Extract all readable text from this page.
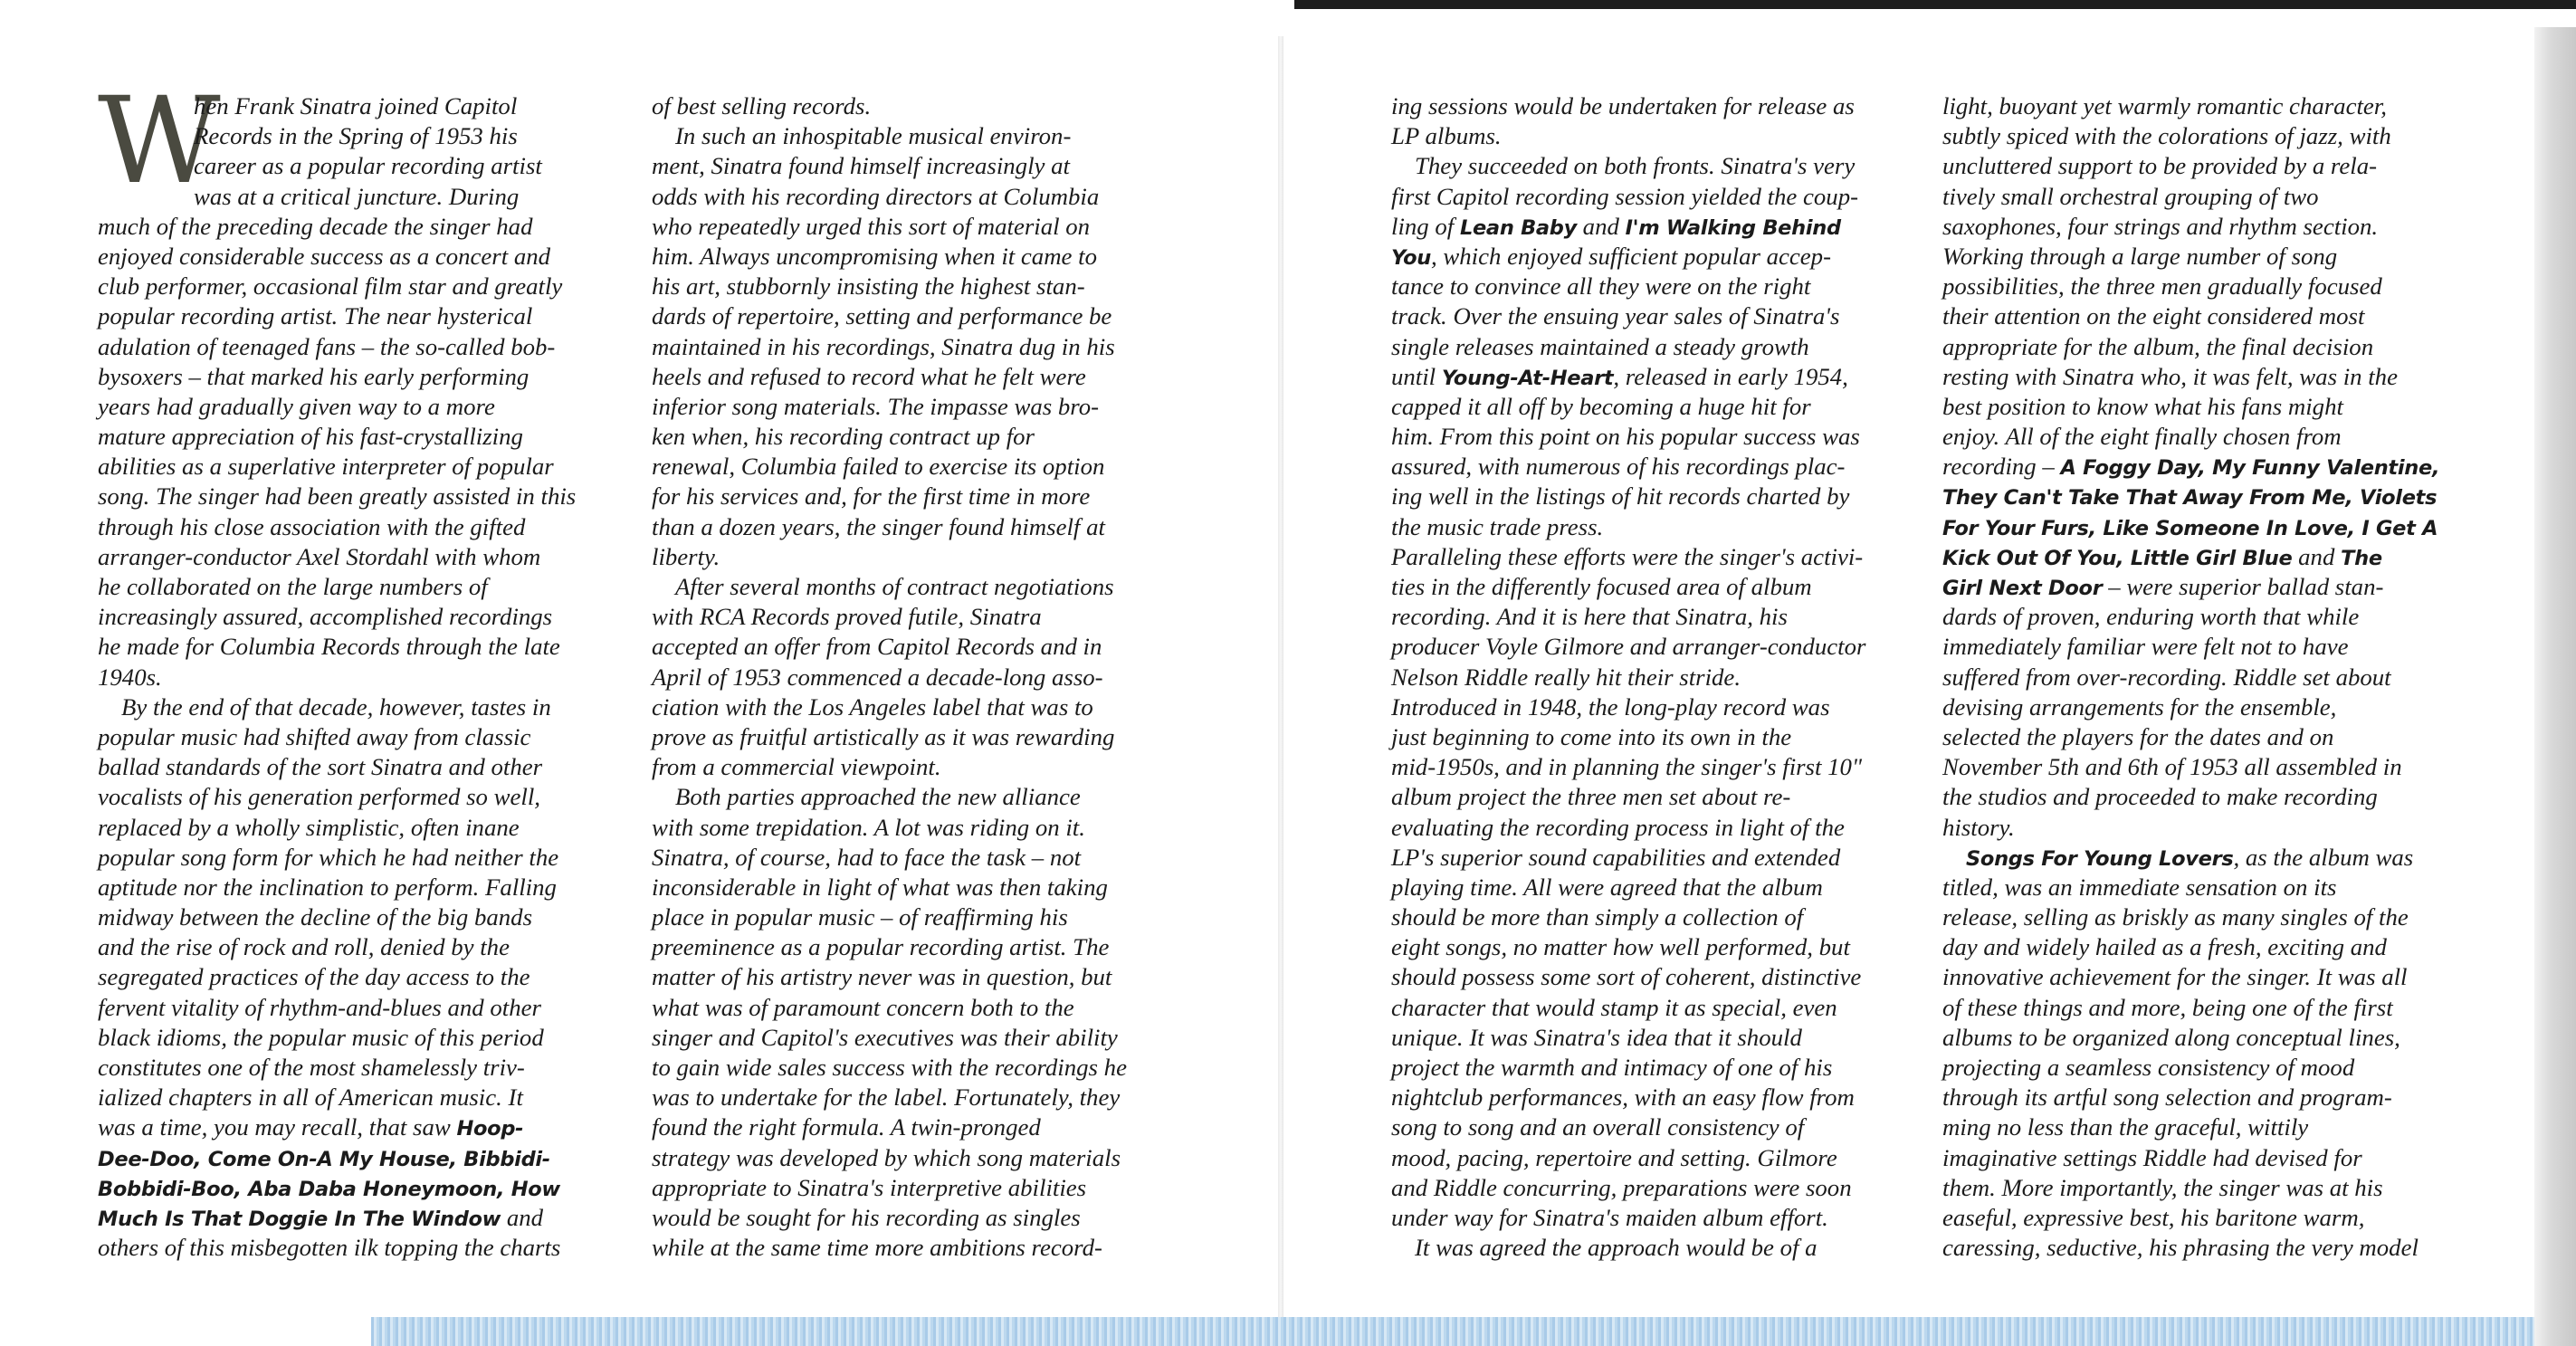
W
hen Frank Sinatra joined Capitol
Records in the Spring of 1953 his
career as a popular recording artist
was at a critical juncture. During
much of the preceding decade the singer had
enjoyed considerable success as a concert and
club performer, occasional film star and greatly
popular recording artist. The near hysterical
adulation of teenaged fans – the so-called bob-
bysoxers – that marked his early performing
years had gradually given way to a more
mature appreciation of his fast-crystallizing
abilities as a superlative interpreter of popular
song. The singer had been greatly assisted in this
through his close association with the gifted
arranger-conductor Axel Stordahl with whom
he collaborated on the large numbers of
increasingly assured, accomplished recordings
he made for Columbia Records through the late
1940s.
By the end of that decade, however, tastes in
popular music had shifted away from classic
ballad standards of the sort Sinatra and other
vocalists of his generation performed so well,
replaced by a wholly simplistic, often inane
popular song form for which he had neither the
aptitude nor the inclination to perform. Falling
midway between the decline of the big bands
and the rise of rock and roll, denied by the
segregated practices of the day access to the
fervent vitality of rhythm-and-blues and other
black idioms, the popular music of this period
constitutes one of the most shamelessly triv-
ialized chapters in all of American music. It
was a time, you may recall, that saw Hoop-
Dee-Doo, Come On-A My House, Bibbidi-
Bobbidi-Boo, Aba Daba Honeymoon, How
Much Is That Doggie In The Window and
others of this misbegotten ilk topping the charts
of best selling records.
In such an inhospitable musical environ-
ment, Sinatra found himself increasingly at
odds with his recording directors at Columbia
who repeatedly urged this sort of material on
him. Always uncompromising when it came to
his art, stubbornly insisting the highest stan-
dards of repertoire, setting and performance be
maintained in his recordings, Sinatra dug in his
heels and refused to record what he felt were
inferior song materials. The impasse was bro-
ken when, his recording contract up for
renewal, Columbia failed to exercise its option
for his services and, for the first time in more
than a dozen years, the singer found himself at
liberty.
After several months of contract negotiations
with RCA Records proved futile, Sinatra
accepted an offer from Capitol Records and in
April of 1953 commenced a decade-long asso-
ciation with the Los Angeles label that was to
prove as fruitful artistically as it was rewarding
from a commercial viewpoint.
Both parties approached the new alliance
with some trepidation. A lot was riding on it.
Sinatra, of course, had to face the task – not
inconsiderable in light of what was then taking
place in popular music – of reaffirming his
preeminence as a popular recording artist. The
matter of his artistry never was in question, but
what was of paramount concern both to the
singer and Capitol's executives was their ability
to gain wide sales success with the recordings he
was to undertake for the label. Fortunately, they
found the right formula. A twin-pronged
strategy was developed by which song materials
appropriate to Sinatra's interpretive abilities
would be sought for his recording as singles
while at the same time more ambitions record-
ing sessions would be undertaken for release as
LP albums.
They succeeded on both fronts. Sinatra's very
first Capitol recording session yielded the coup-
ling of Lean Baby and I'm Walking Behind
You, which enjoyed sufficient popular accep-
tance to convince all they were on the right
track. Over the ensuing year sales of Sinatra's
single releases maintained a steady growth
until Young-At-Heart, released in early 1954,
capped it all off by becoming a huge hit for
him. From this point on his popular success was
assured, with numerous of his recordings plac-
ing well in the listings of hit records charted by
the music trade press.
Paralleling these efforts were the singer's activi-
ties in the differently focused area of album
recording. And it is here that Sinatra, his
producer Voyle Gilmore and arranger-conductor
Nelson Riddle really hit their stride.
Introduced in 1948, the long-play record was
just beginning to come into its own in the
mid-1950s, and in planning the singer's first 10"
album project the three men set about re-
evaluating the recording process in light of the
LP's superior sound capabilities and extended
playing time. All were agreed that the album
should be more than simply a collection of
eight songs, no matter how well performed, but
should possess some sort of coherent, distinctive
character that would stamp it as special, even
unique. It was Sinatra's idea that it should
project the warmth and intimacy of one of his
nightclub performances, with an easy flow from
song to song and an overall consistency of
mood, pacing, repertoire and setting. Gilmore
and Riddle concurring, preparations were soon
under way for Sinatra's maiden album effort.
It was agreed the approach would be of a
light, buoyant yet warmly romantic character,
subtly spiced with the colorations of jazz, with
uncluttered support to be provided by a rela-
tively small orchestral grouping of two
saxophones, four strings and rhythm section.
Working through a large number of song
possibilities, the three men gradually focused
their attention on the eight considered most
appropriate for the album, the final decision
resting with Sinatra who, it was felt, was in the
best position to know what his fans might
enjoy. All of the eight finally chosen from
recording – A Foggy Day, My Funny Valentine,
They Can't Take That Away From Me, Violets
For Your Furs, Like Someone In Love, I Get A
Kick Out Of You, Little Girl Blue and The
Girl Next Door – were superior ballad stan-
dards of proven, enduring worth that while
immediately familiar were felt not to have
suffered from over-recording. Riddle set about
devising arrangements for the ensemble,
selected the players for the dates and on
November 5th and 6th of 1953 all assembled in
the studios and proceeded to make recording
history.
Songs For Young Lovers, as the album was
titled, was an immediate sensation on its
release, selling as briskly as many singles of the
day and widely hailed as a fresh, exciting and
innovative achievement for the singer. It was all
of these things and more, being one of the first
albums to be organized along conceptual lines,
projecting a seamless consistency of mood
through its artful song selection and program-
ming no less than the graceful, wittily
imaginative settings Riddle had devised for
them. More importantly, the singer was at his
easeful, expressive best, his baritone warm,
caressing, seductive, his phrasing the very model
